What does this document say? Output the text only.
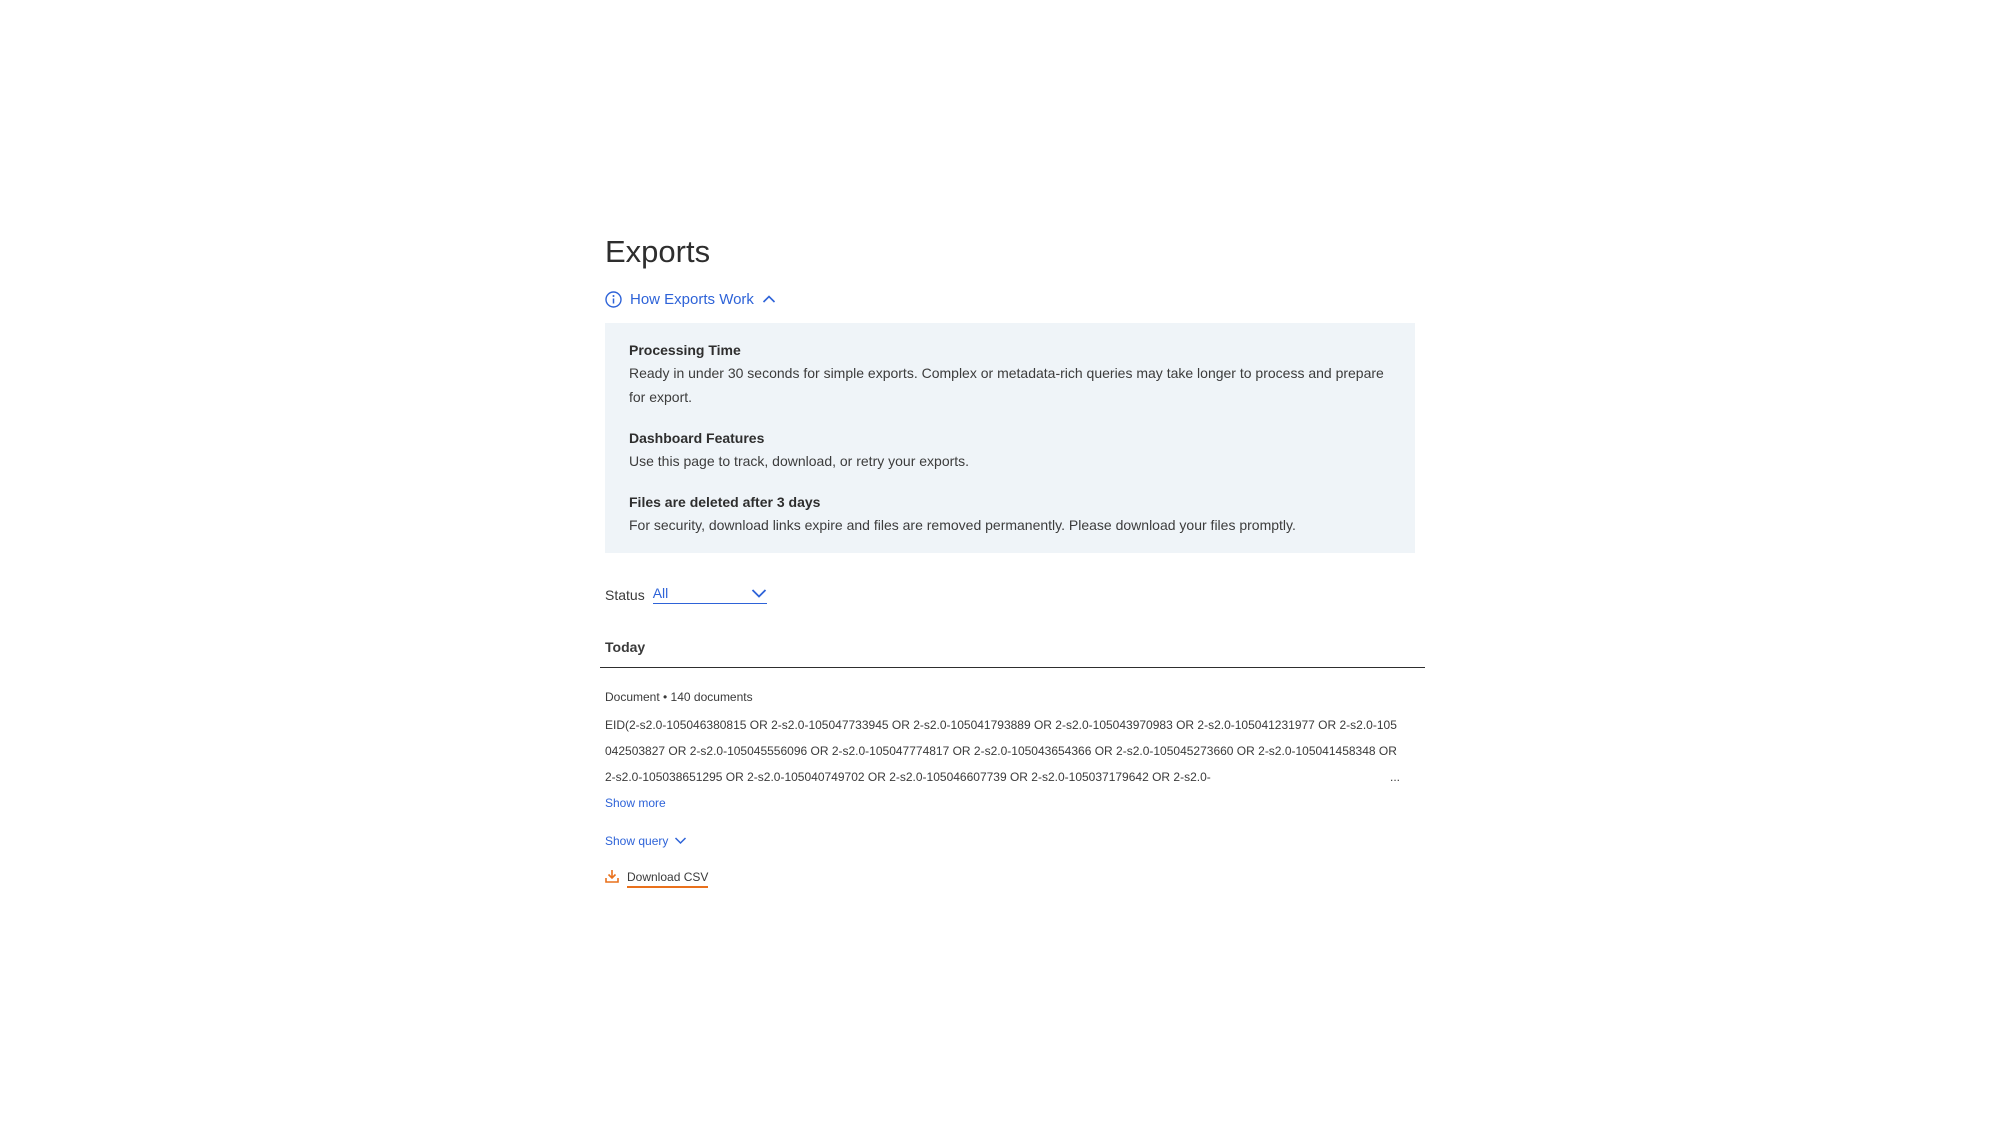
Exports
How Exports Work
Processing Time
Ready in under 30 seconds for simple exports. Complex or metadata-rich queries may take longer to process and prepare for export.
Dashboard Features
Use this page to track, download, or retry your exports.
Files are deleted after 3 days
For security, download links expire and files are removed permanently. Please download your files promptly.
Status All
Today
Document • 140 documents
EID(2-s2.0-105046380815 OR 2-s2.0-105047733945 OR 2-s2.0-105041793889 OR 2-s2.0-105043970983 OR 2-s2.0-105041231977 OR 2-s2.0-105042503827 OR 2-s2.0-105045556096 OR 2-s2.0-105047774817 OR 2-s2.0-105043654366 OR 2-s2.0-105045273660 OR 2-s2.0-105041458348 OR 2-s2.0-105038651295 OR 2-s2.0-105040749702 OR 2-s2.0-105046607739 OR 2-s2.0-105037179642 OR 2-s2.0-	...
Show more
Show query
Download CSV
